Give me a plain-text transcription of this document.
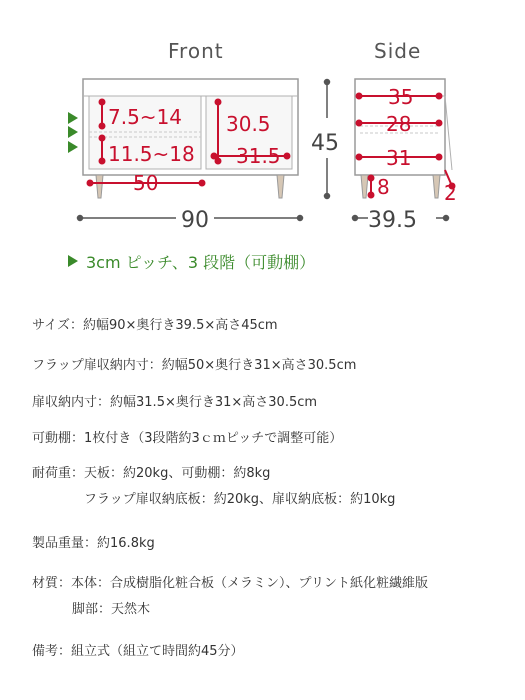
Front	Side
7.5~14
11.5~18
30.5
31.5
50
45
90
35
28
31
8	2
39.5
3cm ピッチ、3 段階（可動棚）
サイズ：約幅90×奥行き39.5×高さ45cm
フラップ扉収納内寸：約幅50×奥行き31×高さ30.5cm
扉収納内寸：約幅31.5×奥行き31×高さ30.5cm
可動棚：1枚付き（3段階約3ｃｍピッチで調整可能）
耐荷重：天板：約20kg、可動棚：約8kg
フラップ扉収納底板：約20kg、扉収納底板：約10kg
製品重量：約16.8kg
材質：本体：合成樹脂化粧合板（メラミン）、プリント紙化粧繊維版
脚部：天然木
備考：組立式（組立て時間約45分）
